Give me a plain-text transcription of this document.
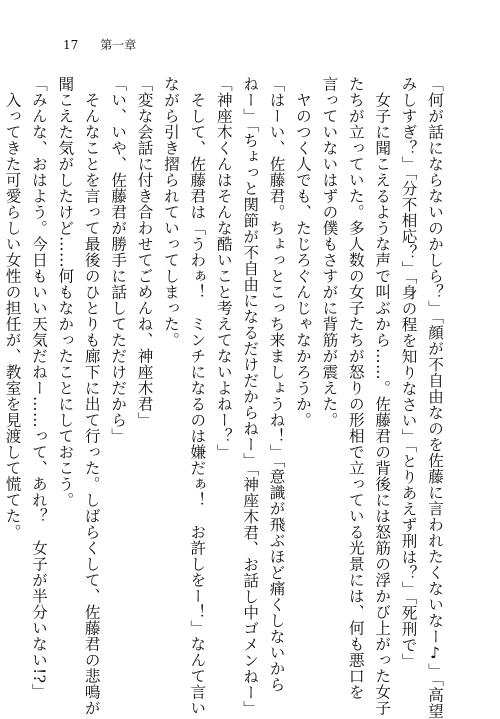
17 第一章
「何が話にならないのかしら？」「顔が不自由なのを佐藤に言われたくないなー♪」「高望
みしすぎ？」「分不相応？」「身の程を知りなさい」「とりあえず刑は？」「死刑で」
　女子に聞こえるような声で叫ぶから……。佐藤君の背後には怒筋の浮かび上がった女子
たちが立っていた。多人数の女子たちが怒りの形相で立っている光景には、何も悪口を
言っていないはずの僕もさすがに背筋が震えた。
　ヤのつく人でも、たじろぐんじゃなかろうか。
「はーい、佐藤君。ちょっとこっち来ましょうね！」「意識が飛ぶほど痛くしないから
ねー」「ちょっと関節が不自由になるだけだからねー」「神座木君、お話し中ゴメンねー」
「神座木くんはそんな酷いこと考えてないよねー？」
　そして、佐藤君は「うわぁ！　ミンチになるのは嫌だぁ！　お許しをー！」なんて言い
ながら引き摺られていってしまった。
「変な会話に付き合わせてごめんね、神座木君」
「い、いや、佐藤君が勝手に話してただけだから」
　そんなことを言って最後のひとりも廊下に出て行った。しばらくして、佐藤君の悲鳴が
聞こえた気がしたけど……何もなかったことにしておこう。
「みんな、おはよう。今日もいい天気だねー……って、あれ？　女子が半分いない!?」
　入ってきた可愛らしい女性の担任が、教室を見渡して慌てた。
